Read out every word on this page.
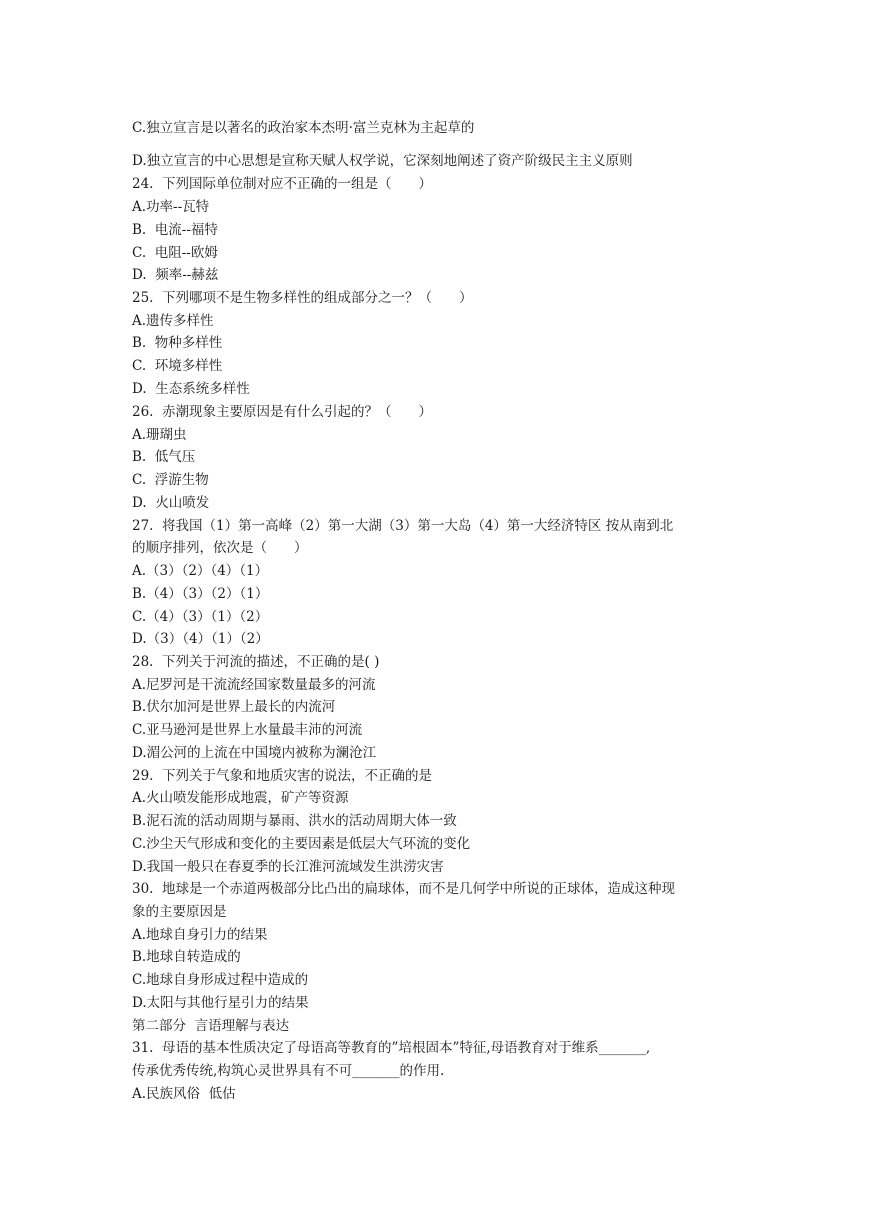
C.独立宣言是以著名的政治家本杰明·富兰克林为主起草的
D.独立宣言的中心思想是宣称天赋人权学说，它深刻地阐述了资产阶级民主主义原则
24.  下列国际单位制对应不正确的一组是（　　）
A.功率--瓦特
B.  电流--福特
C.  电阻--欧姆
D.  频率--赫兹
25.  下列哪项不是生物多样性的组成部分之一？（　　）
A.遗传多样性
B.  物种多样性
C.  环境多样性
D.  生态系统多样性
26.  赤潮现象主要原因是有什么引起的？（　　）
A.珊瑚虫
B.  低气压
C.  浮游生物
D.  火山喷发
27.  将我国（1）第一高峰（2）第一大湖（3）第一大岛（4）第一大经济特区 按从南到北
的顺序排列，依次是（　　）
A.（3）（2）（4）（1）
B.（4）（3）（2）（1）
C.（4）（3）（1）（2）
D.（3）（4）（1）（2）
28.  下列关于河流的描述，不正确的是( )
A.尼罗河是干流流经国家数量最多的河流
B.伏尔加河是世界上最长的内流河
C.亚马逊河是世界上水量最丰沛的河流
D.湄公河的上流在中国境内被称为澜沧江
29.  下列关于气象和地质灾害的说法，不正确的是
A.火山喷发能形成地震，矿产等资源
B.泥石流的活动周期与暴雨、洪水的活动周期大体一致
C.沙尘天气形成和变化的主要因素是低层大气环流的变化
D.我国一般只在春夏季的长江淮河流域发生洪涝灾害
30.  地球是一个赤道两极部分比凸出的扁球体，而不是几何学中所说的正球体，造成这种现
象的主要原因是
A.地球自身引力的结果
B.地球自转造成的
C.地球自身形成过程中造成的
D.太阳与其他行星引力的结果
第二部分  言语理解与表达
31.  母语的基本性质决定了母语高等教育的”培根固本”特征,母语教育对于维系_______,
传承优秀传统,构筑心灵世界具有不可_______的作用.
A.民族风俗  低估
